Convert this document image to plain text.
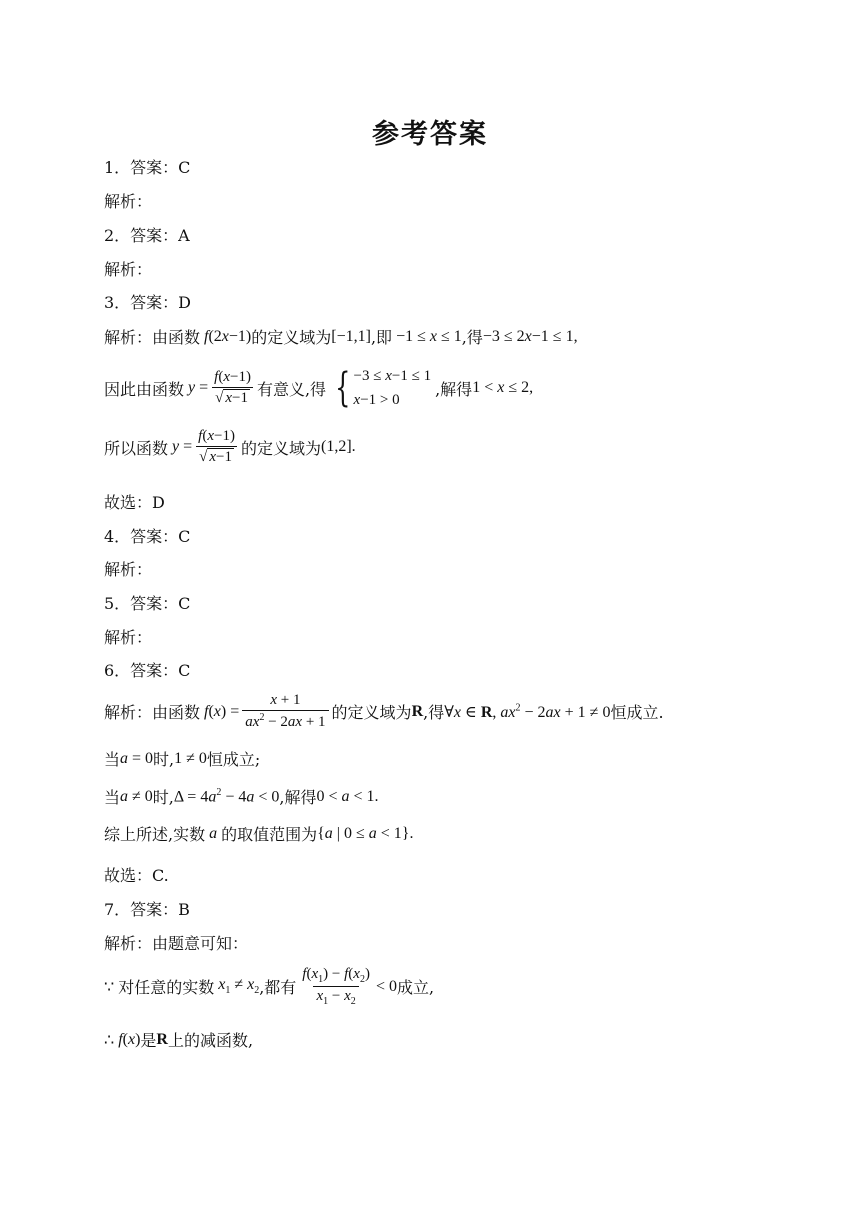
参考答案
1．答案：C
解析：
2．答案：A
解析：
3．答案：D
解析：由函数 f(2x−1) 的定义域为 [−1,1] ,即 −1 ≤ x ≤ 1 ,得 −3 ≤ 2x−1 ≤ 1,
因此由函数 $y = \frac{f(x-1)}{√ x-1}$ 有意义,得 { −3 ≤ x−1 ≤ 1
x−1 > 0
,解得 1 < x ≤ 2,
所以函数 $y = \frac{f(x-1)}{√ x-1}$ 的定义域为 (1,2].
故选：D
4．答案：C
解析：
5．答案：C
解析：
6．答案：C
解析：由函数 $f(x) = \frac{x + 1}{ax^2 - 2ax + 1}$ 的定义域为 R ,得 ∀x ∈ R, $ax^2 - 2ax + 1 \ne 0$ 恒成立.
当 a = 0 时, 1 ≠ 0 恒成立;
当 a ≠ 0 时, $\Delta = 4a^2 - 4a < 0$ ,解得 0 < a < 1.
综上所述,实数 a 的取值范围为 {a | 0 ≤ a < 1}.
故选：C.
7．答案：B
解析：由题意可知：
∵ 对任意的实数 $x_1 \ne x_2$ ,都有 $\frac{f(x_1) - f(x_2)}{x_1 - x_2} < 0$ 成立,
∴ f(x) 是 R 上的减函数,
